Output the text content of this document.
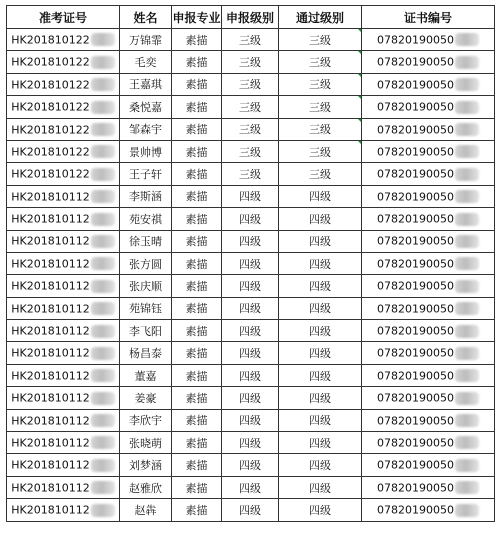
准考证号	姓名	申报专业	申报级别	通过级别	证书编号
HK201810122	万锦霏	素描	三级	三级	07820190050
HK201810122	毛奕	素描	三级	三级	07820190050
HK201810122	王嘉琪	素描	三级	三级	07820190050
HK201810122	桑悦嘉	素描	三级	三级	07820190050
HK201810122	邹森宇	素描	三级	三级	07820190050
HK201810122	景帅博	素描	三级	三级	07820190050
HK201810122	王子轩	素描	三级	三级	07820190050
HK201810112	李斯涵	素描	四级	四级	07820190050
HK201810112	苑安祺	素描	四级	四级	07820190050
HK201810112	徐玉晴	素描	四级	四级	07820190050
HK201810112	张方圆	素描	四级	四级	07820190050
HK201810112	张庆顺	素描	四级	四级	07820190050
HK201810112	苑锦钰	素描	四级	四级	07820190050
HK201810112	李飞阳	素描	四级	四级	07820190050
HK201810112	杨昌泰	素描	四级	四级	07820190050
HK201810112	董嘉	素描	四级	四级	07820190050
HK201810112	姜豪	素描	四级	四级	07820190050
HK201810112	李欣宇	素描	四级	四级	07820190050
HK201810112	张晓萌	素描	四级	四级	07820190050
HK201810112	刘梦涵	素描	四级	四级	07820190050
HK201810112	赵雅欣	素描	四级	四级	07820190050
HK201810112	赵犇	素描	四级	四级	07820190050
